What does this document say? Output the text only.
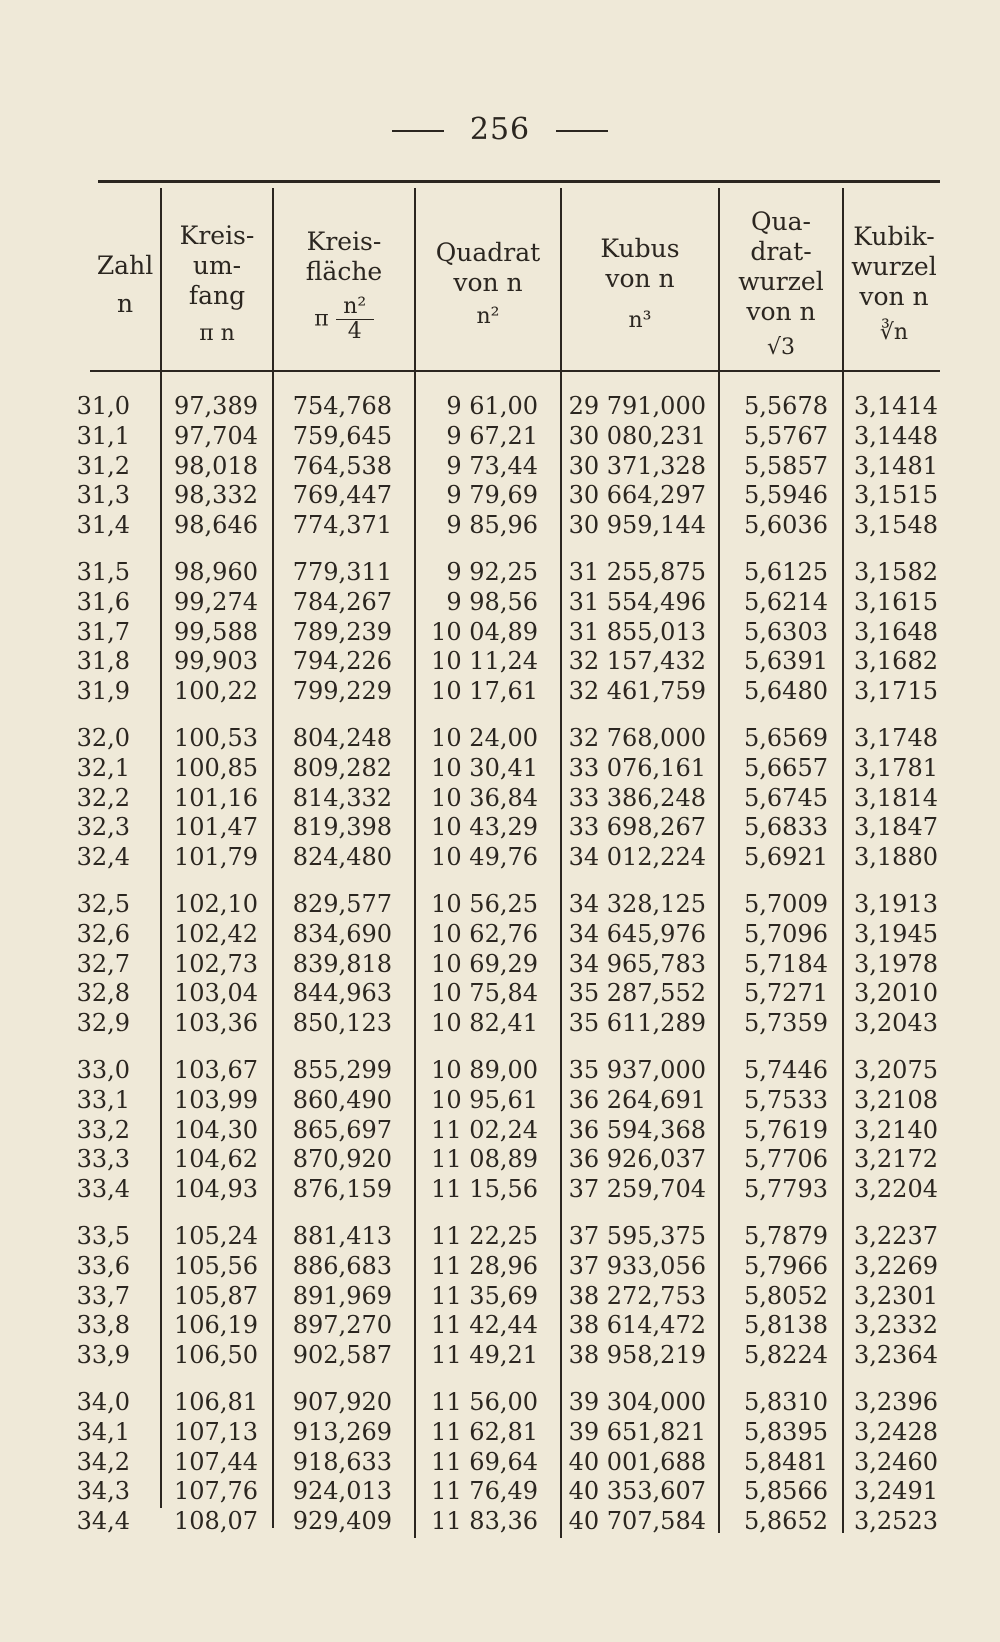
256
Zahl
n
Kreis-
um-
fang
π n
Kreis-
fläche
π $\frac{\text{n²}}{4}$
Quadrat
von n
n²
Kubus
von n
n³
Qua-
drat-
wurzel
von n
√3
Kubik-
wurzel
von n
∛n
31,0 97,389 754,768 9 61,00 29 791,000 5,5678 3,1414
31,1 97,704 759,645 9 67,21 30 080,231 5,5767 3,1448
31,2 98,018 764,538 9 73,44 30 371,328 5,5857 3,1481
31,3 98,332 769,447 9 79,69 30 664,297 5,5946 3,1515
31,4 98,646 774,371 9 85,96 30 959,144 5,6036 3,1548
31,5 98,960 779,311 9 92,25 31 255,875 5,6125 3,1582
31,6 99,274 784,267 9 98,56 31 554,496 5,6214 3,1615
31,7 99,588 789,239 10 04,89 31 855,013 5,6303 3,1648
31,8 99,903 794,226 10 11,24 32 157,432 5,6391 3,1682
31,9 100,22 799,229 10 17,61 32 461,759 5,6480 3,1715
32,0 100,53 804,248 10 24,00 32 768,000 5,6569 3,1748
32,1 100,85 809,282 10 30,41 33 076,161 5,6657 3,1781
32,2 101,16 814,332 10 36,84 33 386,248 5,6745 3,1814
32,3 101,47 819,398 10 43,29 33 698,267 5,6833 3,1847
32,4 101,79 824,480 10 49,76 34 012,224 5,6921 3,1880
32,5 102,10 829,577 10 56,25 34 328,125 5,7009 3,1913
32,6 102,42 834,690 10 62,76 34 645,976 5,7096 3,1945
32,7 102,73 839,818 10 69,29 34 965,783 5,7184 3,1978
32,8 103,04 844,963 10 75,84 35 287,552 5,7271 3,2010
32,9 103,36 850,123 10 82,41 35 611,289 5,7359 3,2043
33,0 103,67 855,299 10 89,00 35 937,000 5,7446 3,2075
33,1 103,99 860,490 10 95,61 36 264,691 5,7533 3,2108
33,2 104,30 865,697 11 02,24 36 594,368 5,7619 3,2140
33,3 104,62 870,920 11 08,89 36 926,037 5,7706 3,2172
33,4 104,93 876,159 11 15,56 37 259,704 5,7793 3,2204
33,5 105,24 881,413 11 22,25 37 595,375 5,7879 3,2237
33,6 105,56 886,683 11 28,96 37 933,056 5,7966 3,2269
33,7 105,87 891,969 11 35,69 38 272,753 5,8052 3,2301
33,8 106,19 897,270 11 42,44 38 614,472 5,8138 3,2332
33,9 106,50 902,587 11 49,21 38 958,219 5,8224 3,2364
34,0 106,81 907,920 11 56,00 39 304,000 5,8310 3,2396
34,1 107,13 913,269 11 62,81 39 651,821 5,8395 3,2428
34,2 107,44 918,633 11 69,64 40 001,688 5,8481 3,2460
34,3 107,76 924,013 11 76,49 40 353,607 5,8566 3,2491
34,4 108,07 929,409 11 83,36 40 707,584 5,8652 3,2523
